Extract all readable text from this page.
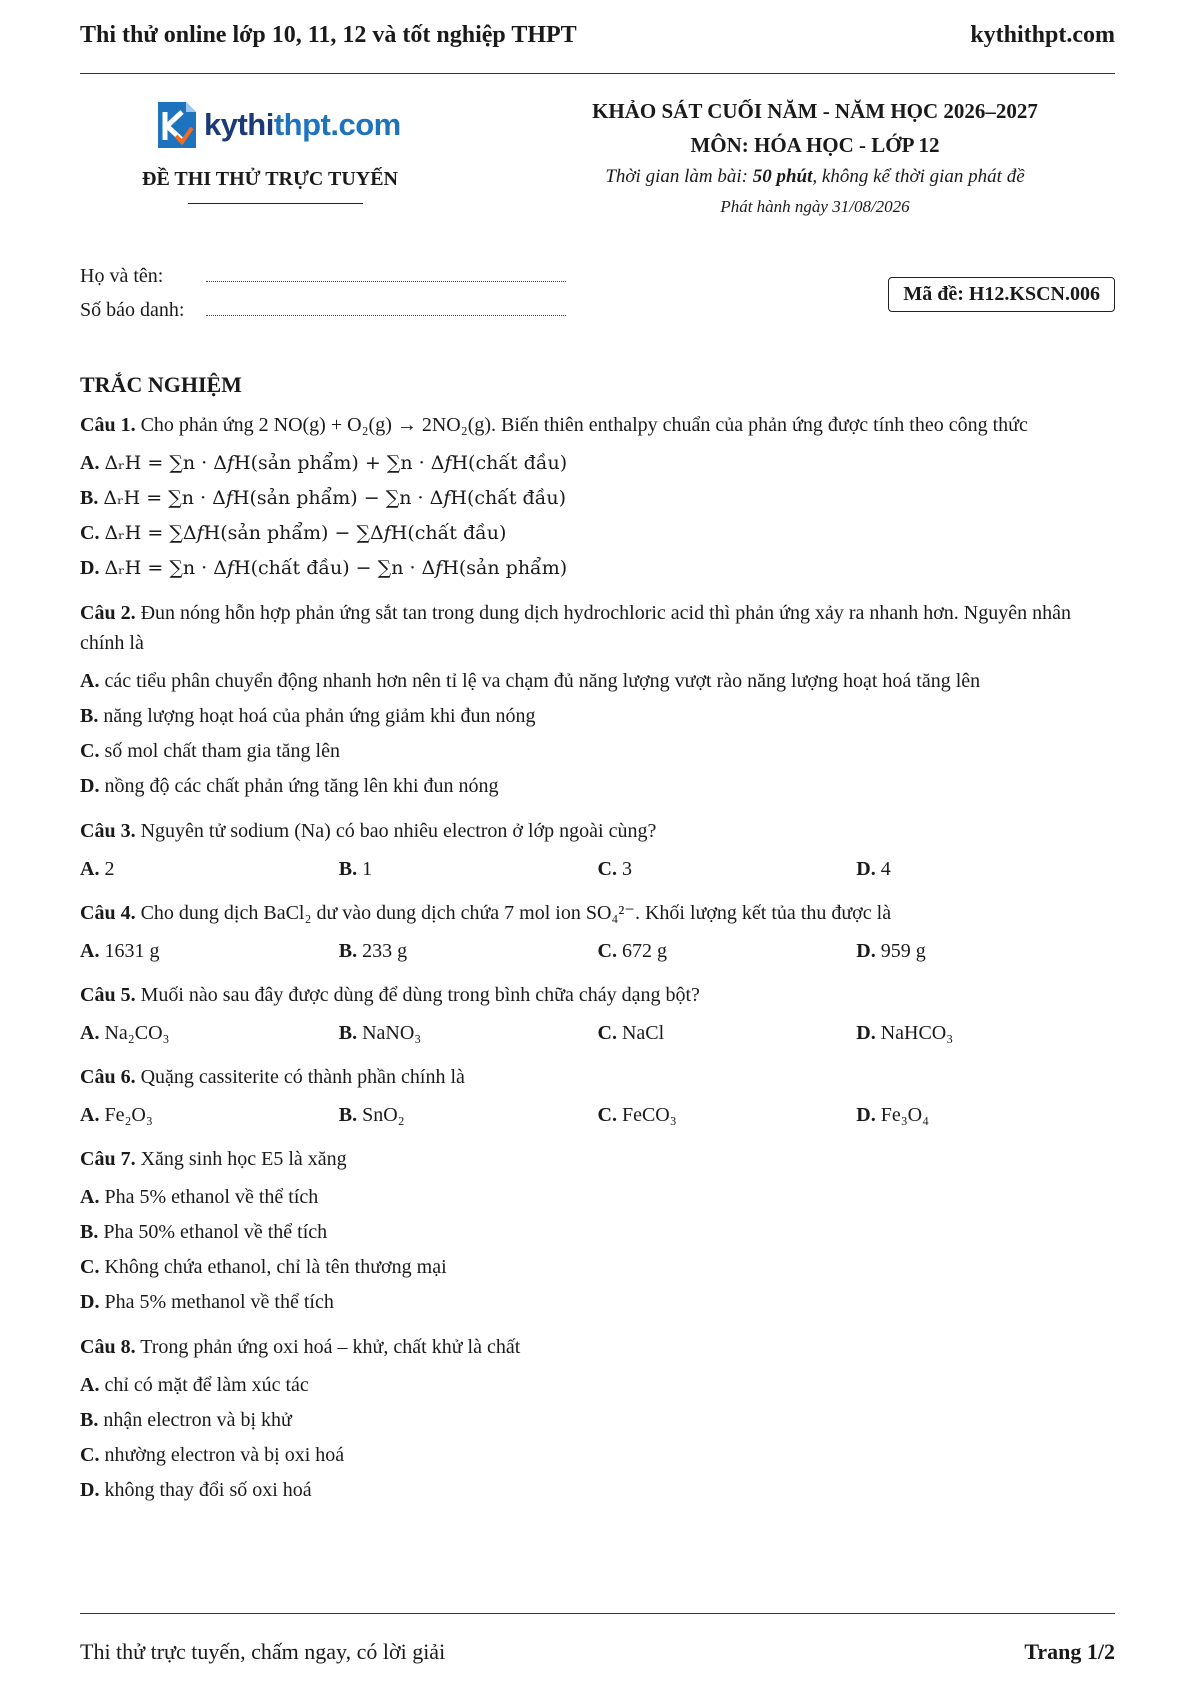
Thi thử online lớp 10, 11, 12 và tốt nghiệp THPT	kythithpt.com
kythithpt.com
ĐỀ THI THỬ TRỰC TUYẾN
KHẢO SÁT CUỐI NĂM - NĂM HỌC 2026–2027
MÔN: HÓA HỌC - LỚP 12
Thời gian làm bài: 50 phút, không kể thời gian phát đề
Phát hành ngày 31/08/2026
Họ và tên:
Số báo danh:
Mã đề: H12.KSCN.006
TRẮC NGHIỆM
Câu 1. Cho phản ứng 2 NO(g) + O₂(g) → 2NO₂(g). Biến thiên enthalpy chuẩn của phản ứng được tính theo công thức
A. ΔᵣH = ∑n · Δ𝑓H(sản phẩm) + ∑n · Δ𝑓H(chất đầu)
B. ΔᵣH = ∑n · Δ𝑓H(sản phẩm) − ∑n · Δ𝑓H(chất đầu)
C. ΔᵣH = ∑Δ𝑓H(sản phẩm) − ∑Δ𝑓H(chất đầu)
D. ΔᵣH = ∑n · Δ𝑓H(chất đầu) − ∑n · Δ𝑓H(sản phẩm)
Câu 2. Đun nóng hỗn hợp phản ứng sắt tan trong dung dịch hydrochloric acid thì phản ứng xảy ra nhanh hơn. Nguyên nhân chính là
A. các tiểu phân chuyển động nhanh hơn nên tỉ lệ va chạm đủ năng lượng vượt rào năng lượng hoạt hoá tăng lên
B. năng lượng hoạt hoá của phản ứng giảm khi đun nóng
C. số mol chất tham gia tăng lên
D. nồng độ các chất phản ứng tăng lên khi đun nóng
Câu 3. Nguyên tử sodium (Na) có bao nhiêu electron ở lớp ngoài cùng?
A. 2	B. 1	C. 3	D. 4
Câu 4. Cho dung dịch BaCl₂ dư vào dung dịch chứa 7 mol ion SO₄²⁻. Khối lượng kết tủa thu được là
A. 1631 g	B. 233 g	C. 672 g	D. 959 g
Câu 5. Muối nào sau đây được dùng để dùng trong bình chữa cháy dạng bột?
A. Na₂CO₃	B. NaNO₃	C. NaCl	D. NaHCO₃
Câu 6. Quặng cassiterite có thành phần chính là
A. Fe₂O₃	B. SnO₂	C. FeCO₃	D. Fe₃O₄
Câu 7. Xăng sinh học E5 là xăng
A. Pha 5% ethanol về thể tích
B. Pha 50% ethanol về thể tích
C. Không chứa ethanol, chỉ là tên thương mại
D. Pha 5% methanol về thể tích
Câu 8. Trong phản ứng oxi hoá – khử, chất khử là chất
A. chỉ có mặt để làm xúc tác
B. nhận electron và bị khử
C. nhường electron và bị oxi hoá
D. không thay đổi số oxi hoá
Thi thử trực tuyến, chấm ngay, có lời giải	Trang 1/2
